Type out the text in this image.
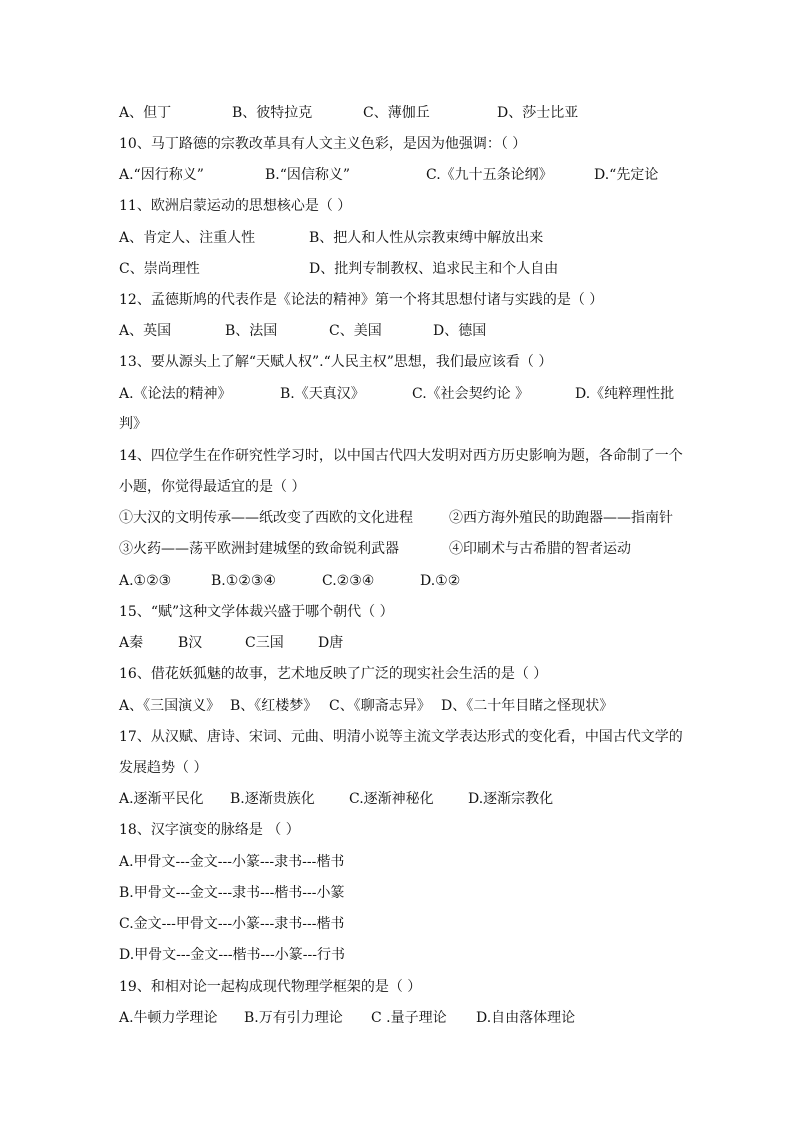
A、但丁	B、彼特拉克	C、薄伽丘	D、莎士比亚
10、马丁路德的宗教改革具有人文主义色彩，是因为他强调：（ ）
A.“因行称义”	B.“因信称义”	C.《九十五条论纲》	D.“先定论
11、欧洲启蒙运动的思想核心是（ ）
A、肯定人、注重人性	B、把人和人性从宗教束缚中解放出来
C、崇尚理性	D、批判专制教权、追求民主和个人自由
12、孟德斯鸠的代表作是《论法的精神》第一个将其思想付诸与实践的是（ ）
A、英国	B、法国	C、美国	D、德国
13、要从源头上了解“天赋人权”.“人民主权”思想，我们最应该看（ ）
A.《论法的精神》	B.《天真汉》	C.《社会契约论 》	D.《纯粹理性批
判》
14、四位学生在作研究性学习时，以中国古代四大发明对西方历史影响为题，各命制了一个
小题，你觉得最适宜的是（ ）
①大汉的文明传承——纸改变了西欧的文化进程	②西方海外殖民的助跑器——指南针
③火药——荡平欧洲封建城堡的致命锐利武器	④印刷术与古希腊的智者运动
A.①②③	B.①②③④	C.②③④	D.①②
15、“赋”这种文学体裁兴盛于哪个朝代（ ）
A秦 B汉	C三国 D唐
16、借花妖狐魅的故事，艺术地反映了广泛的现实社会生活的是（ ）
A、《三国演义》 B、《红楼梦》 C、《聊斋志异》 D、《二十年目睹之怪现状》
17、从汉赋、唐诗、宋词、元曲、明清小说等主流文学表达形式的变化看，中国古代文学的
发展趋势（ ）
A.逐渐平民化 B.逐渐贵族化 C.逐渐神秘化 D.逐渐宗教化
18、汉字演变的脉络是 （ ）
A.甲骨文---金文---小篆---隶书---楷书
B.甲骨文---金文---隶书---楷书---小篆
C.金文---甲骨文---小篆---隶书---楷书
D.甲骨文---金文---楷书---小篆---行书
19、和相对论一起构成现代物理学框架的是（ ）
A.牛顿力学理论 B.万有引力理论 C .量子理论 D.自由落体理论
